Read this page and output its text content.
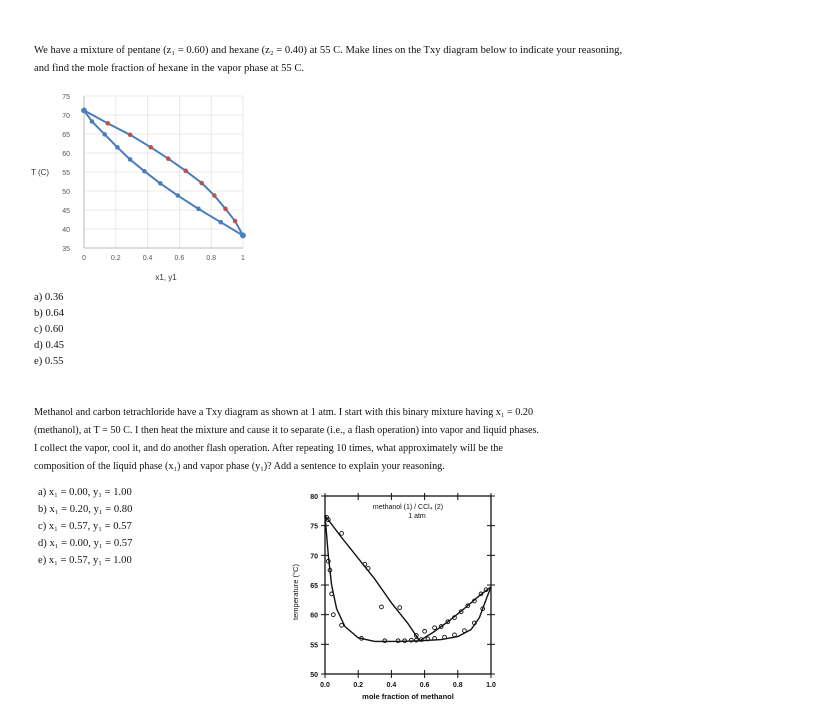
We have a mixture of pentane (z₁ = 0.60) and hexane (z₂ = 0.40) at 55 C. Make lines on the Txy diagram below to indicate your reasoning, and find the mole fraction of hexane in the vapor phase at 55 C.
35
40
45
50
55
60
65
70
75
0	0.2	0.4	0.6	0.8	1
x1, y1
T (C)
a) 0.36
b) 0.64
c) 0.60
d) 0.45
e) 0.55

Methanol and carbon tetrachloride have a Txy diagram as shown at 1 atm. I start with this binary mixture having x₁ = 0.20

(methanol), at T = 50 C. I then heat the mixture and cause it to separate (i.e., a flash operation) into vapor and liquid phases.

I collect the vapor, cool it, and do another flash operation. After repeating 10 times, what approximately will be the

composition of the liquid phase (x₁) and vapor phase (y₁)? Add a sentence to explain your reasoning.

a) x₁ = 0.00, y₁ = 1.00
b) x₁ = 0.20, y₁ = 0.80
c) x₁ = 0.57, y₁ = 0.57
d) x₁ = 0.00, y₁ = 0.57
e) x₁ = 0.57, y₁ = 1.00
50
55
60
65
70
75
80
0.0	0.2	0.4	0.6	0.8	1.0
methanol (1) / CCl₄ (2)
1 atm
mole fraction of methanol
temperature (°C)
